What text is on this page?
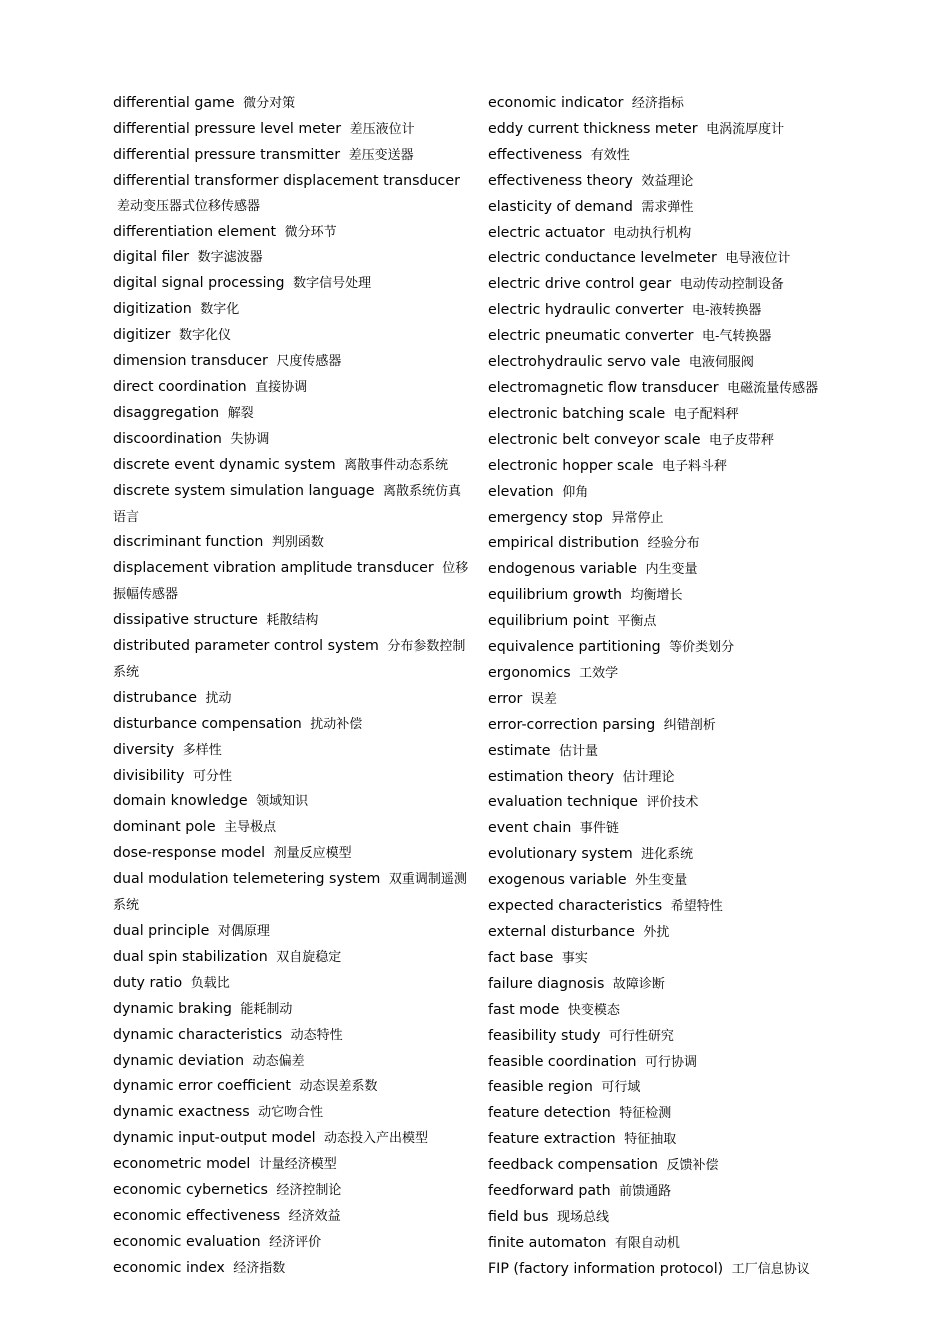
differential game 微分对策
differential pressure level meter 差压液位计
differential pressure transmitter 差压变送器
differential transformer displacement transducer 差动变压器式位移传感器
differentiation element 微分环节
digital filer 数字滤波器
digital signal processing 数字信号处理
digitization 数字化
digitizer 数字化仪
dimension transducer 尺度传感器
direct coordination 直接协调
disaggregation 解裂
discoordination 失协调
discrete event dynamic system 离散事件动态系统
discrete system simulation language 离散系统仿真语言
discriminant function 判别函数
displacement vibration amplitude transducer 位移振幅传感器
dissipative structure 耗散结构
distributed parameter control system 分布参数控制系统
distrubance 扰动
disturbance compensation 扰动补偿
diversity 多样性
divisibility 可分性
domain knowledge 领域知识
dominant pole 主导极点
dose-response model 剂量反应模型
dual modulation telemetering system 双重调制遥测系统
dual principle 对偶原理
dual spin stabilization 双自旋稳定
duty ratio 负载比
dynamic braking 能耗制动
dynamic characteristics 动态特性
dynamic deviation 动态偏差
dynamic error coefficient 动态误差系数
dynamic exactness 动它吻合性
dynamic input-output model 动态投入产出模型
econometric model 计量经济模型
economic cybernetics 经济控制论
economic effectiveness 经济效益
economic evaluation 经济评价
economic index 经济指数
economic indicator 经济指标
eddy current thickness meter 电涡流厚度计
effectiveness 有效性
effectiveness theory 效益理论
elasticity of demand 需求弹性
electric actuator 电动执行机构
electric conductance levelmeter 电导液位计
electric drive control gear 电动传动控制设备
electric hydraulic converter 电-液转换器
electric pneumatic converter 电-气转换器
electrohydraulic servo vale 电液伺服阀
electromagnetic flow transducer 电磁流量传感器
electronic batching scale 电子配料秤
electronic belt conveyor scale 电子皮带秤
electronic hopper scale 电子料斗秤
elevation 仰角
emergency stop 异常停止
empirical distribution 经验分布
endogenous variable 内生变量
equilibrium growth 均衡增长
equilibrium point 平衡点
equivalence partitioning 等价类划分
ergonomics 工效学
error 误差
error-correction parsing 纠错剖析
estimate 估计量
estimation theory 估计理论
evaluation technique 评价技术
event chain 事件链
evolutionary system 进化系统
exogenous variable 外生变量
expected characteristics 希望特性
external disturbance 外扰
fact base 事实
failure diagnosis 故障诊断
fast mode 快变模态
feasibility study 可行性研究
feasible coordination 可行协调
feasible region 可行域
feature detection 特征检测
feature extraction 特征抽取
feedback compensation 反馈补偿
feedforward path 前馈通路
field bus 现场总线
finite automaton 有限自动机
FIP (factory information protocol) 工厂信息协议
